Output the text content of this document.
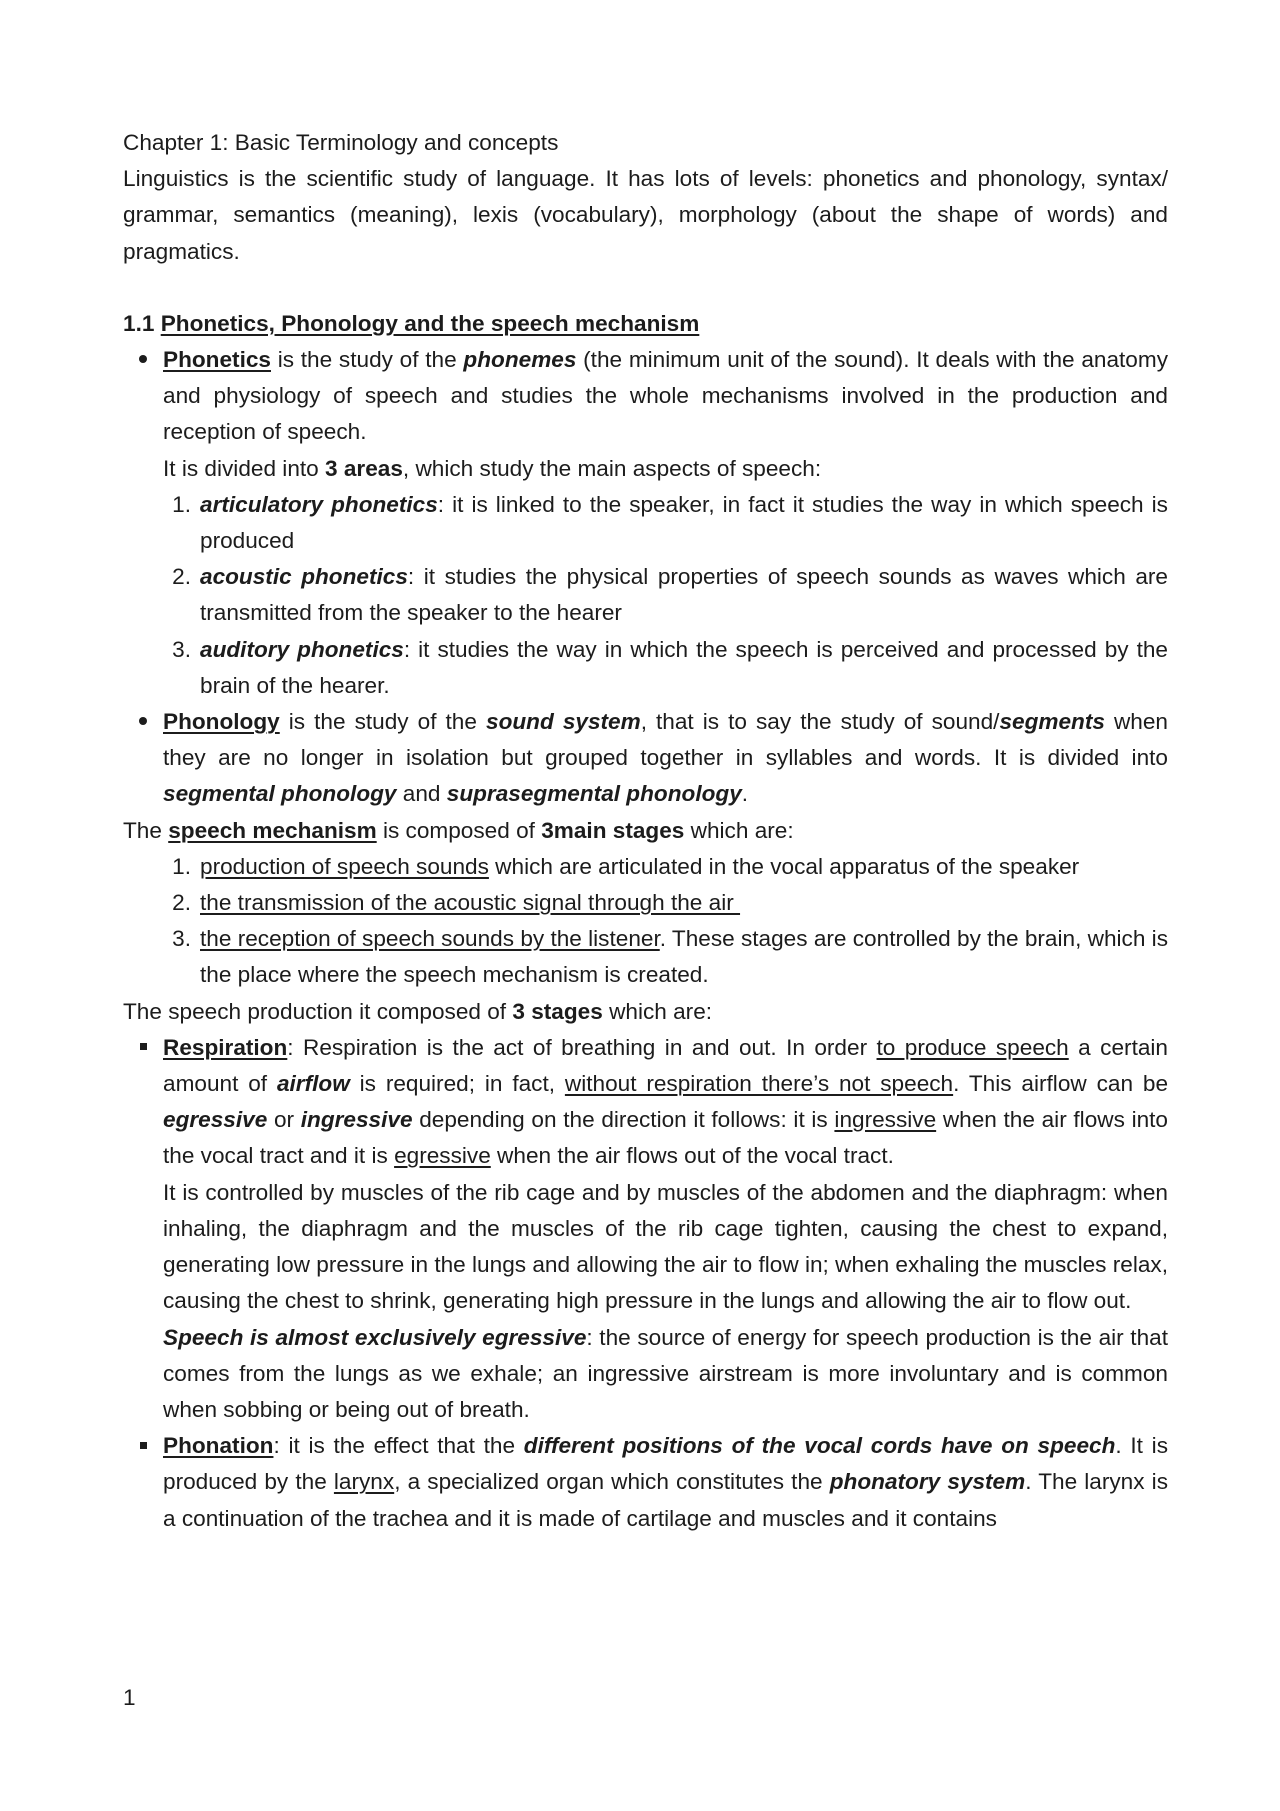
Chapter 1: Basic Terminology and concepts

Linguistics is the scientific study of language. It has lots of levels: phonetics and phonology, syntax/ grammar, semantics (meaning), lexis (vocabulary), morphology (about the shape of words) and pragmatics.

1.1 Phonetics, Phonology and the speech mechanism

Phonetics is the study of the phonemes (the minimum unit of the sound). It deals with the anatomy and physiology of speech and studies the whole mechanisms involved in the production and reception of speech.

It is divided into 3 areas, which study the main aspects of speech:

1. articulatory phonetics: it is linked to the speaker, in fact it studies the way in which speech is produced

2. acoustic phonetics: it studies the physical properties of speech sounds as waves which are transmitted from the speaker to the hearer

3. auditory phonetics: it studies the way in which the speech is perceived and processed by the brain of the hearer.

Phonology is the study of the sound system, that is to say the study of sound/segments when they are no longer in isolation but grouped together in syllables and words. It is divided into segmental phonology and suprasegmental phonology.

The speech mechanism is composed of 3main stages which are:

1. production of speech sounds which are articulated in the vocal apparatus of the speaker

2. the transmission of the acoustic signal through the air

3. the reception of speech sounds by the listener. These stages are controlled by the brain, which is the place where the speech mechanism is created.

The speech production it composed of 3 stages which are:

Respiration: Respiration is the act of breathing in and out. In order to produce speech a certain amount of airflow is required; in fact, without respiration there’s not speech. This airflow can be egressive or ingressive depending on the direction it follows: it is ingressive when the air flows into the vocal tract and it is egressive when the air flows out of the vocal tract.

It is controlled by muscles of the rib cage and by muscles of the abdomen and the diaphragm: when inhaling, the diaphragm and the muscles of the rib cage tighten, causing the chest to expand, generating low pressure in the lungs and allowing the air to flow in; when exhaling the muscles relax, causing the chest to shrink, generating high pressure in the lungs and allowing the air to flow out.

Speech is almost exclusively egressive: the source of energy for speech production is the air that comes from the lungs as we exhale; an ingressive airstream is more involuntary and is common when sobbing or being out of breath.

Phonation: it is the effect that the different positions of the vocal cords have on speech. It is produced by the larynx, a specialized organ which constitutes the phonatory system. The larynx is a continuation of the trachea and it is made of cartilage and muscles and it contains

1
